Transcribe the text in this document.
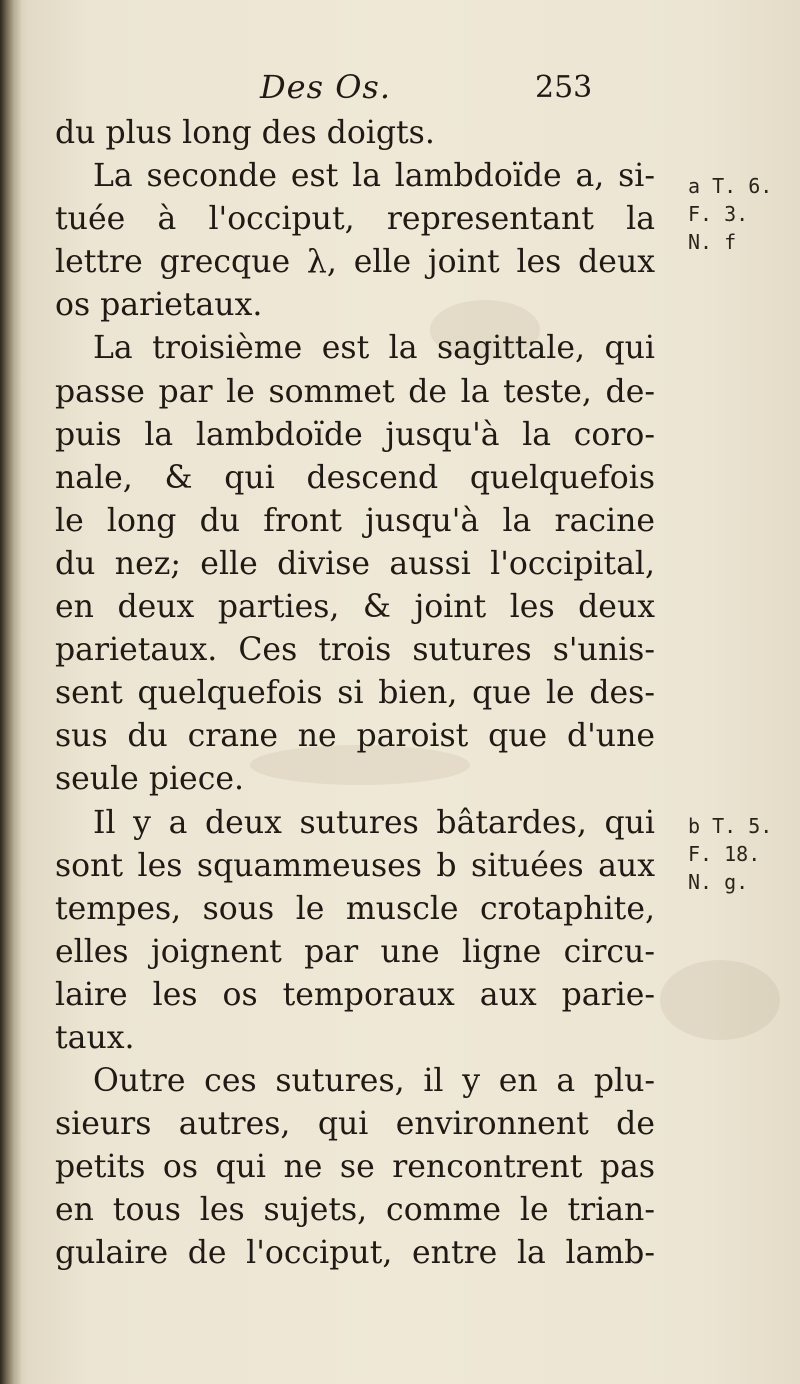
Des Os.	253
du plus long des doigts.
La seconde est la lambdoïde a, si-
tuée à l'occiput, representant la
lettre grecque λ, elle joint les deux
os parietaux.
La troisième est la sagittale, qui
passe par le sommet de la teste, de-
puis la lambdoïde jusqu'à la coro-
nale, & qui descend quelquefois
le long du front jusqu'à la racine
du nez; elle divise aussi l'occipital,
en deux parties, & joint les deux
parietaux. Ces trois sutures s'unis-
sent quelquefois si bien, que le des-
sus du crane ne paroist que d'une
seule piece.
Il y a deux sutures bâtardes, qui
sont les squammeuses b situées aux
tempes, sous le muscle crotaphite,
elles joignent par une ligne circu-
laire les os temporaux aux parie-
taux.
Outre ces sutures, il y en a plu-
sieurs autres, qui environnent de
petits os qui ne se rencontrent pas
en tous les sujets, comme le trian-
gulaire de l'occiput, entre la lamb-
a T. 6. F. 3.
N. f
b T. 5. F. 18.
N. g.
